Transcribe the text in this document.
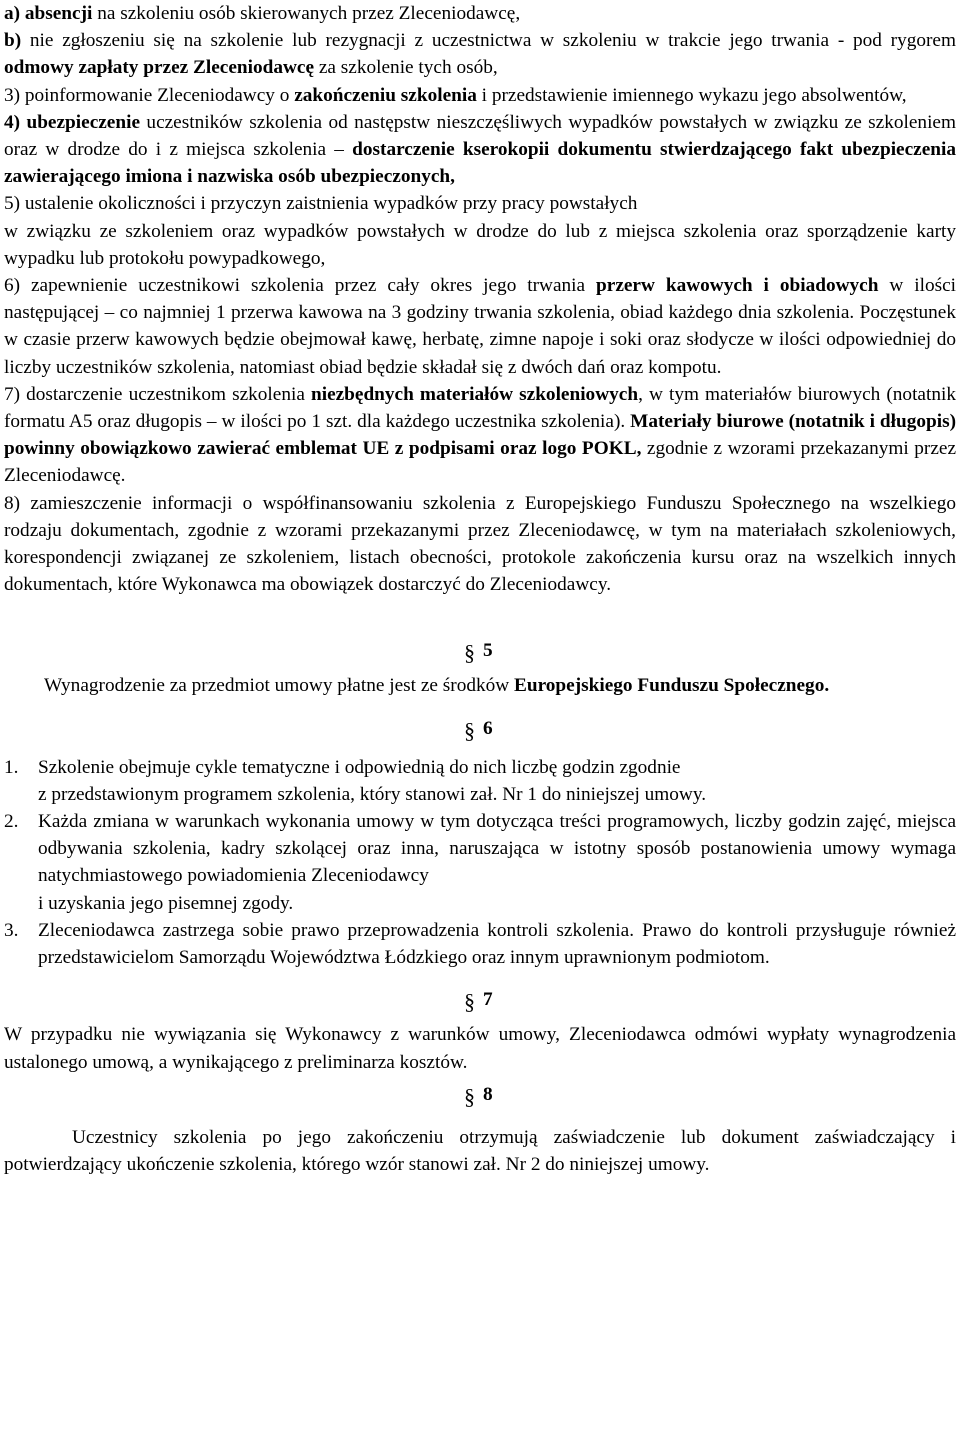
a) absencji na szkoleniu osób skierowanych przez Zleceniodawcę,

b) nie zgłoszeniu się na szkolenie lub rezygnacji z uczestnictwa w szkoleniu w trakcie jego trwania - pod rygorem odmowy zapłaty przez Zleceniodawcę za szkolenie tych osób,

3) poinformowanie Zleceniodawcy o zakończeniu szkolenia i przedstawienie imiennego wykazu jego absolwentów,

4) ubezpieczenie uczestników szkolenia od następstw nieszczęśliwych wypadków powstałych w związku ze szkoleniem oraz w drodze do i z miejsca szkolenia – dostarczenie kserokopii dokumentu stwierdzającego fakt ubezpieczenia zawierającego imiona i nazwiska osób ubezpieczonych,

5) ustalenie okoliczności i przyczyn zaistnienia wypadków przy pracy powstałych

w związku ze szkoleniem oraz wypadków powstałych w drodze do lub z miejsca szkolenia oraz sporządzenie karty wypadku lub protokołu powypadkowego,

6) zapewnienie uczestnikowi szkolenia przez cały okres jego trwania przerw kawowych i obiadowych w ilości następującej – co najmniej 1 przerwa kawowa na 3 godziny trwania szkolenia, obiad każdego dnia szkolenia. Poczęstunek w czasie przerw kawowych będzie obejmował kawę, herbatę, zimne napoje i soki oraz słodycze w ilości odpowiedniej do liczby uczestników szkolenia, natomiast obiad będzie składał się z dwóch dań oraz kompotu.

7) dostarczenie uczestnikom szkolenia niezbędnych materiałów szkoleniowych, w tym materiałów biurowych (notatnik formatu A5 oraz długopis – w ilości po 1 szt. dla każdego uczestnika szkolenia). Materiały biurowe (notatnik i długopis) powinny obowiązkowo zawierać emblemat UE z podpisami oraz logo POKL, zgodnie z wzorami przekazanymi przez Zleceniodawcę.

8) zamieszczenie informacji o współfinansowaniu szkolenia z Europejskiego Funduszu Społecznego na wszelkiego rodzaju dokumentach, zgodnie z wzorami przekazanymi przez Zleceniodawcę, w tym na materiałach szkoleniowych, korespondencji związanej ze szkoleniem, listach obecności, protokole zakończenia kursu oraz na wszelkich innych dokumentach, które Wykonawca ma obowiązek dostarczyć do Zleceniodawcy.

§ 5

Wynagrodzenie za przedmiot umowy płatne jest ze środków Europejskiego Funduszu Społecznego.

§ 6

1. Szkolenie obejmuje cykle tematyczne i odpowiednią do nich liczbę godzin zgodnie
z przedstawionym programem szkolenia, który stanowi zał. Nr 1 do niniejszej umowy.
2. Każda zmiana w warunkach wykonania umowy w tym dotycząca treści programowych, liczby godzin zajęć, miejsca odbywania szkolenia, kadry szkolącej oraz inna, naruszająca w istotny sposób postanowienia umowy wymaga natychmiastowego powiadomienia Zleceniodawcy
i uzyskania jego pisemnej zgody.
3. Zleceniodawca zastrzega sobie prawo przeprowadzenia kontroli szkolenia. Prawo do kontroli przysługuje również przedstawicielom Samorządu Województwa Łódzkiego oraz innym uprawnionym podmiotom.

§ 7

W przypadku nie wywiązania się Wykonawcy z warunków umowy, Zleceniodawca odmówi wypłaty wynagrodzenia ustalonego umową, a wynikającego z preliminarza kosztów.

§ 8

Uczestnicy szkolenia po jego zakończeniu otrzymują zaświadczenie lub dokument zaświadczający i potwierdzający ukończenie szkolenia, którego wzór stanowi zał. Nr 2 do niniejszej umowy.
